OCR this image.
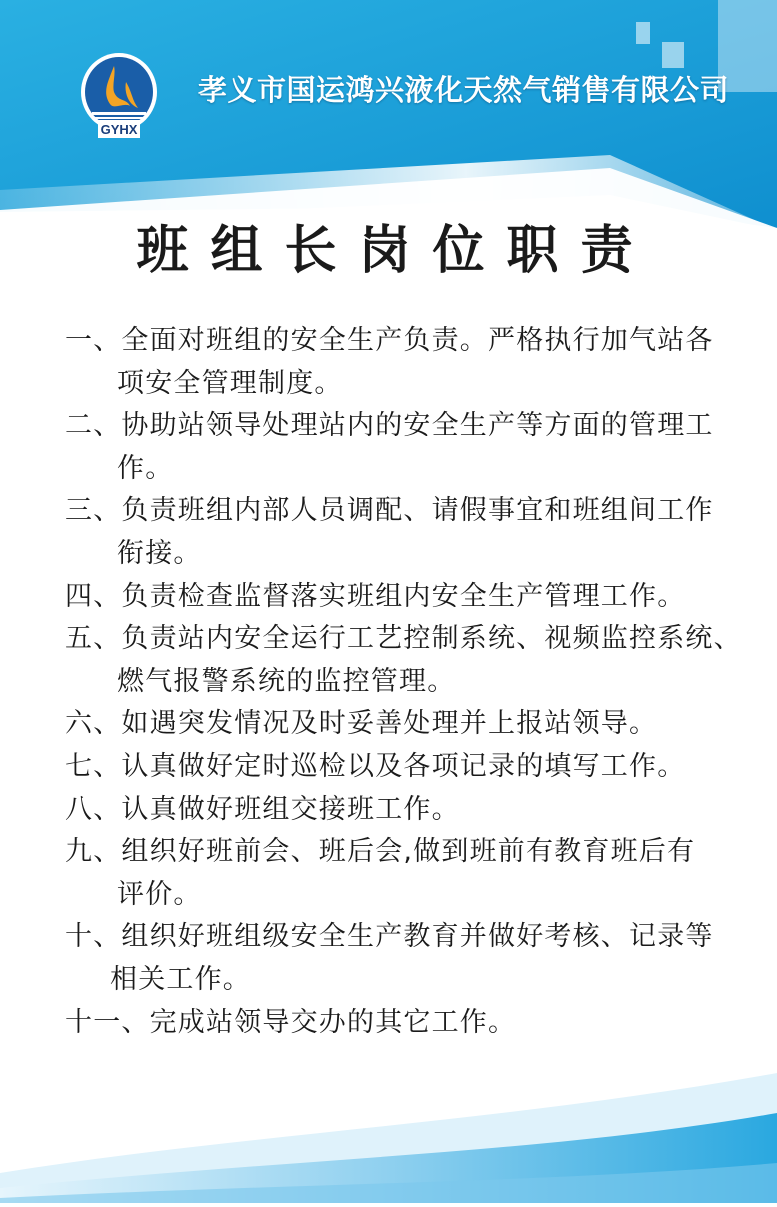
GYHX
孝义市国运鸿兴液化天然气销售有限公司
班组长岗位职责
一、全面对班组的安全生产负责。严格执行加气站各
项安全管理制度。
二、协助站领导处理站内的安全生产等方面的管理工
作。
三、负责班组内部人员调配、请假事宜和班组间工作
衔接。
四、负责检查监督落实班组内安全生产管理工作。
五、负责站内安全运行工艺控制系统、视频监控系统、
燃气报警系统的监控管理。
六、如遇突发情况及时妥善处理并上报站领导。
七、认真做好定时巡检以及各项记录的填写工作。
八、认真做好班组交接班工作。
九、组织好班前会、班后会,做到班前有教育班后有
评价。
十、组织好班组级安全生产教育并做好考核、记录等
相关工作。
十一、完成站领导交办的其它工作。
